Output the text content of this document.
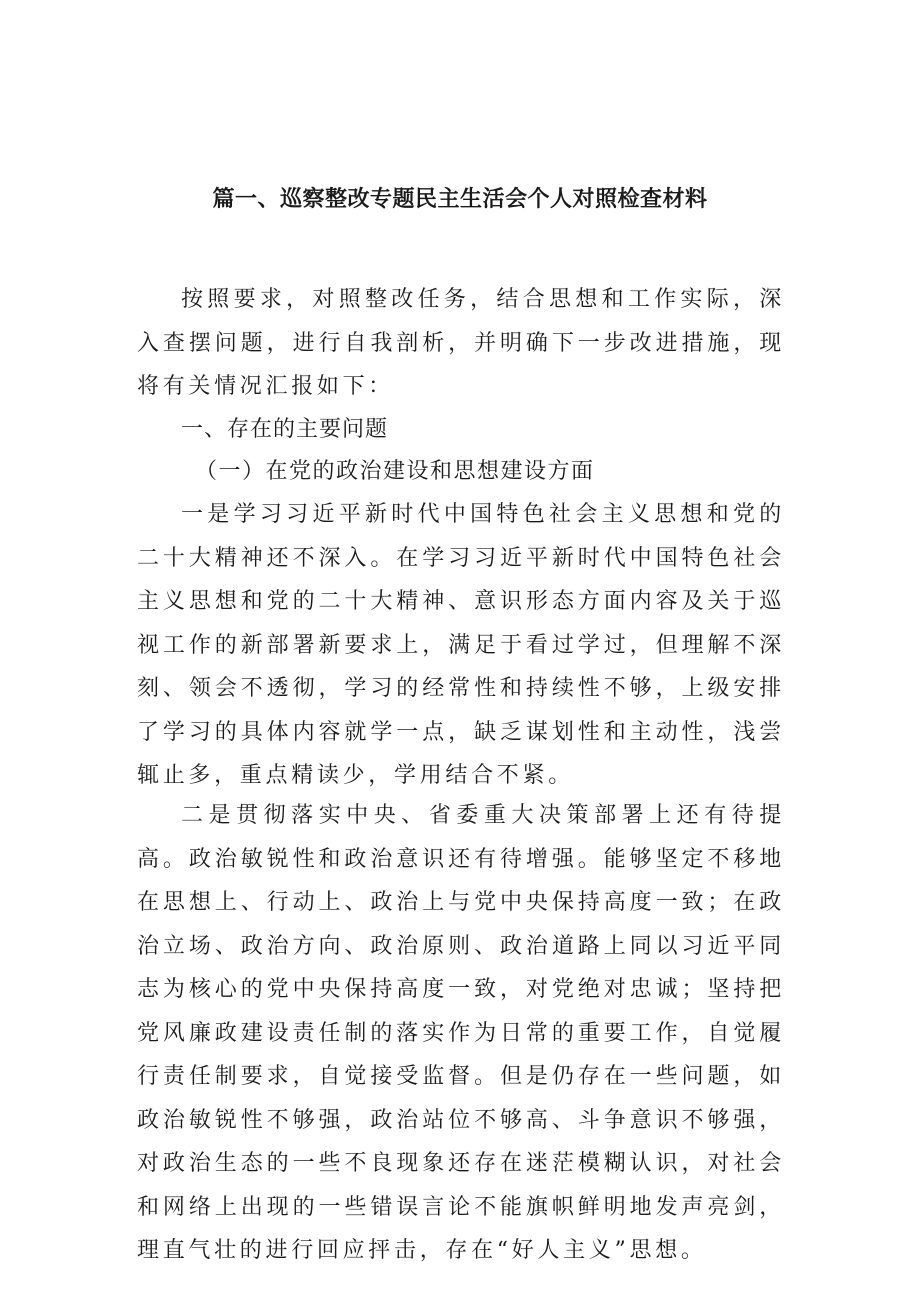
篇一、巡察整改专题民主生活会个人对照检查材料

按照要求，对照整改任务，结合思想和工作实际，深入查摆问题，进行自我剖析，并明确下一步改进措施，现将有关情况汇报如下：

一、存在的主要问题
（一）在党的政治建设和思想建设方面

一是学习习近平新时代中国特色社会主义思想和党的二十大精神还不深入。在学习习近平新时代中国特色社会主义思想和党的二十大精神、意识形态方面内容及关于巡视工作的新部署新要求上，满足于看过学过，但理解不深刻、领会不透彻，学习的经常性和持续性不够，上级安排了学习的具体内容就学一点，缺乏谋划性和主动性，浅尝辄止多，重点精读少，学用结合不紧。

二是贯彻落实中央、省委重大决策部署上还有待提高。政治敏锐性和政治意识还有待增强。能够坚定不移地在思想上、行动上、政治上与党中央保持高度一致；在政治立场、政治方向、政治原则、政治道路上同以习近平同志为核心的党中央保持高度一致，对党绝对忠诚；坚持把党风廉政建设责任制的落实作为日常的重要工作，自觉履行责任制要求，自觉接受监督。但是仍存在一些问题，如政治敏锐性不够强，政治站位不够高、斗争意识不够强，对政治生态的一些不良现象还存在迷茫模糊认识，对社会和网络上出现的一些错误言论不能旗帜鲜明地发声亮剑，理直气壮的进行回应抨击，存在“好人主义”思想。
